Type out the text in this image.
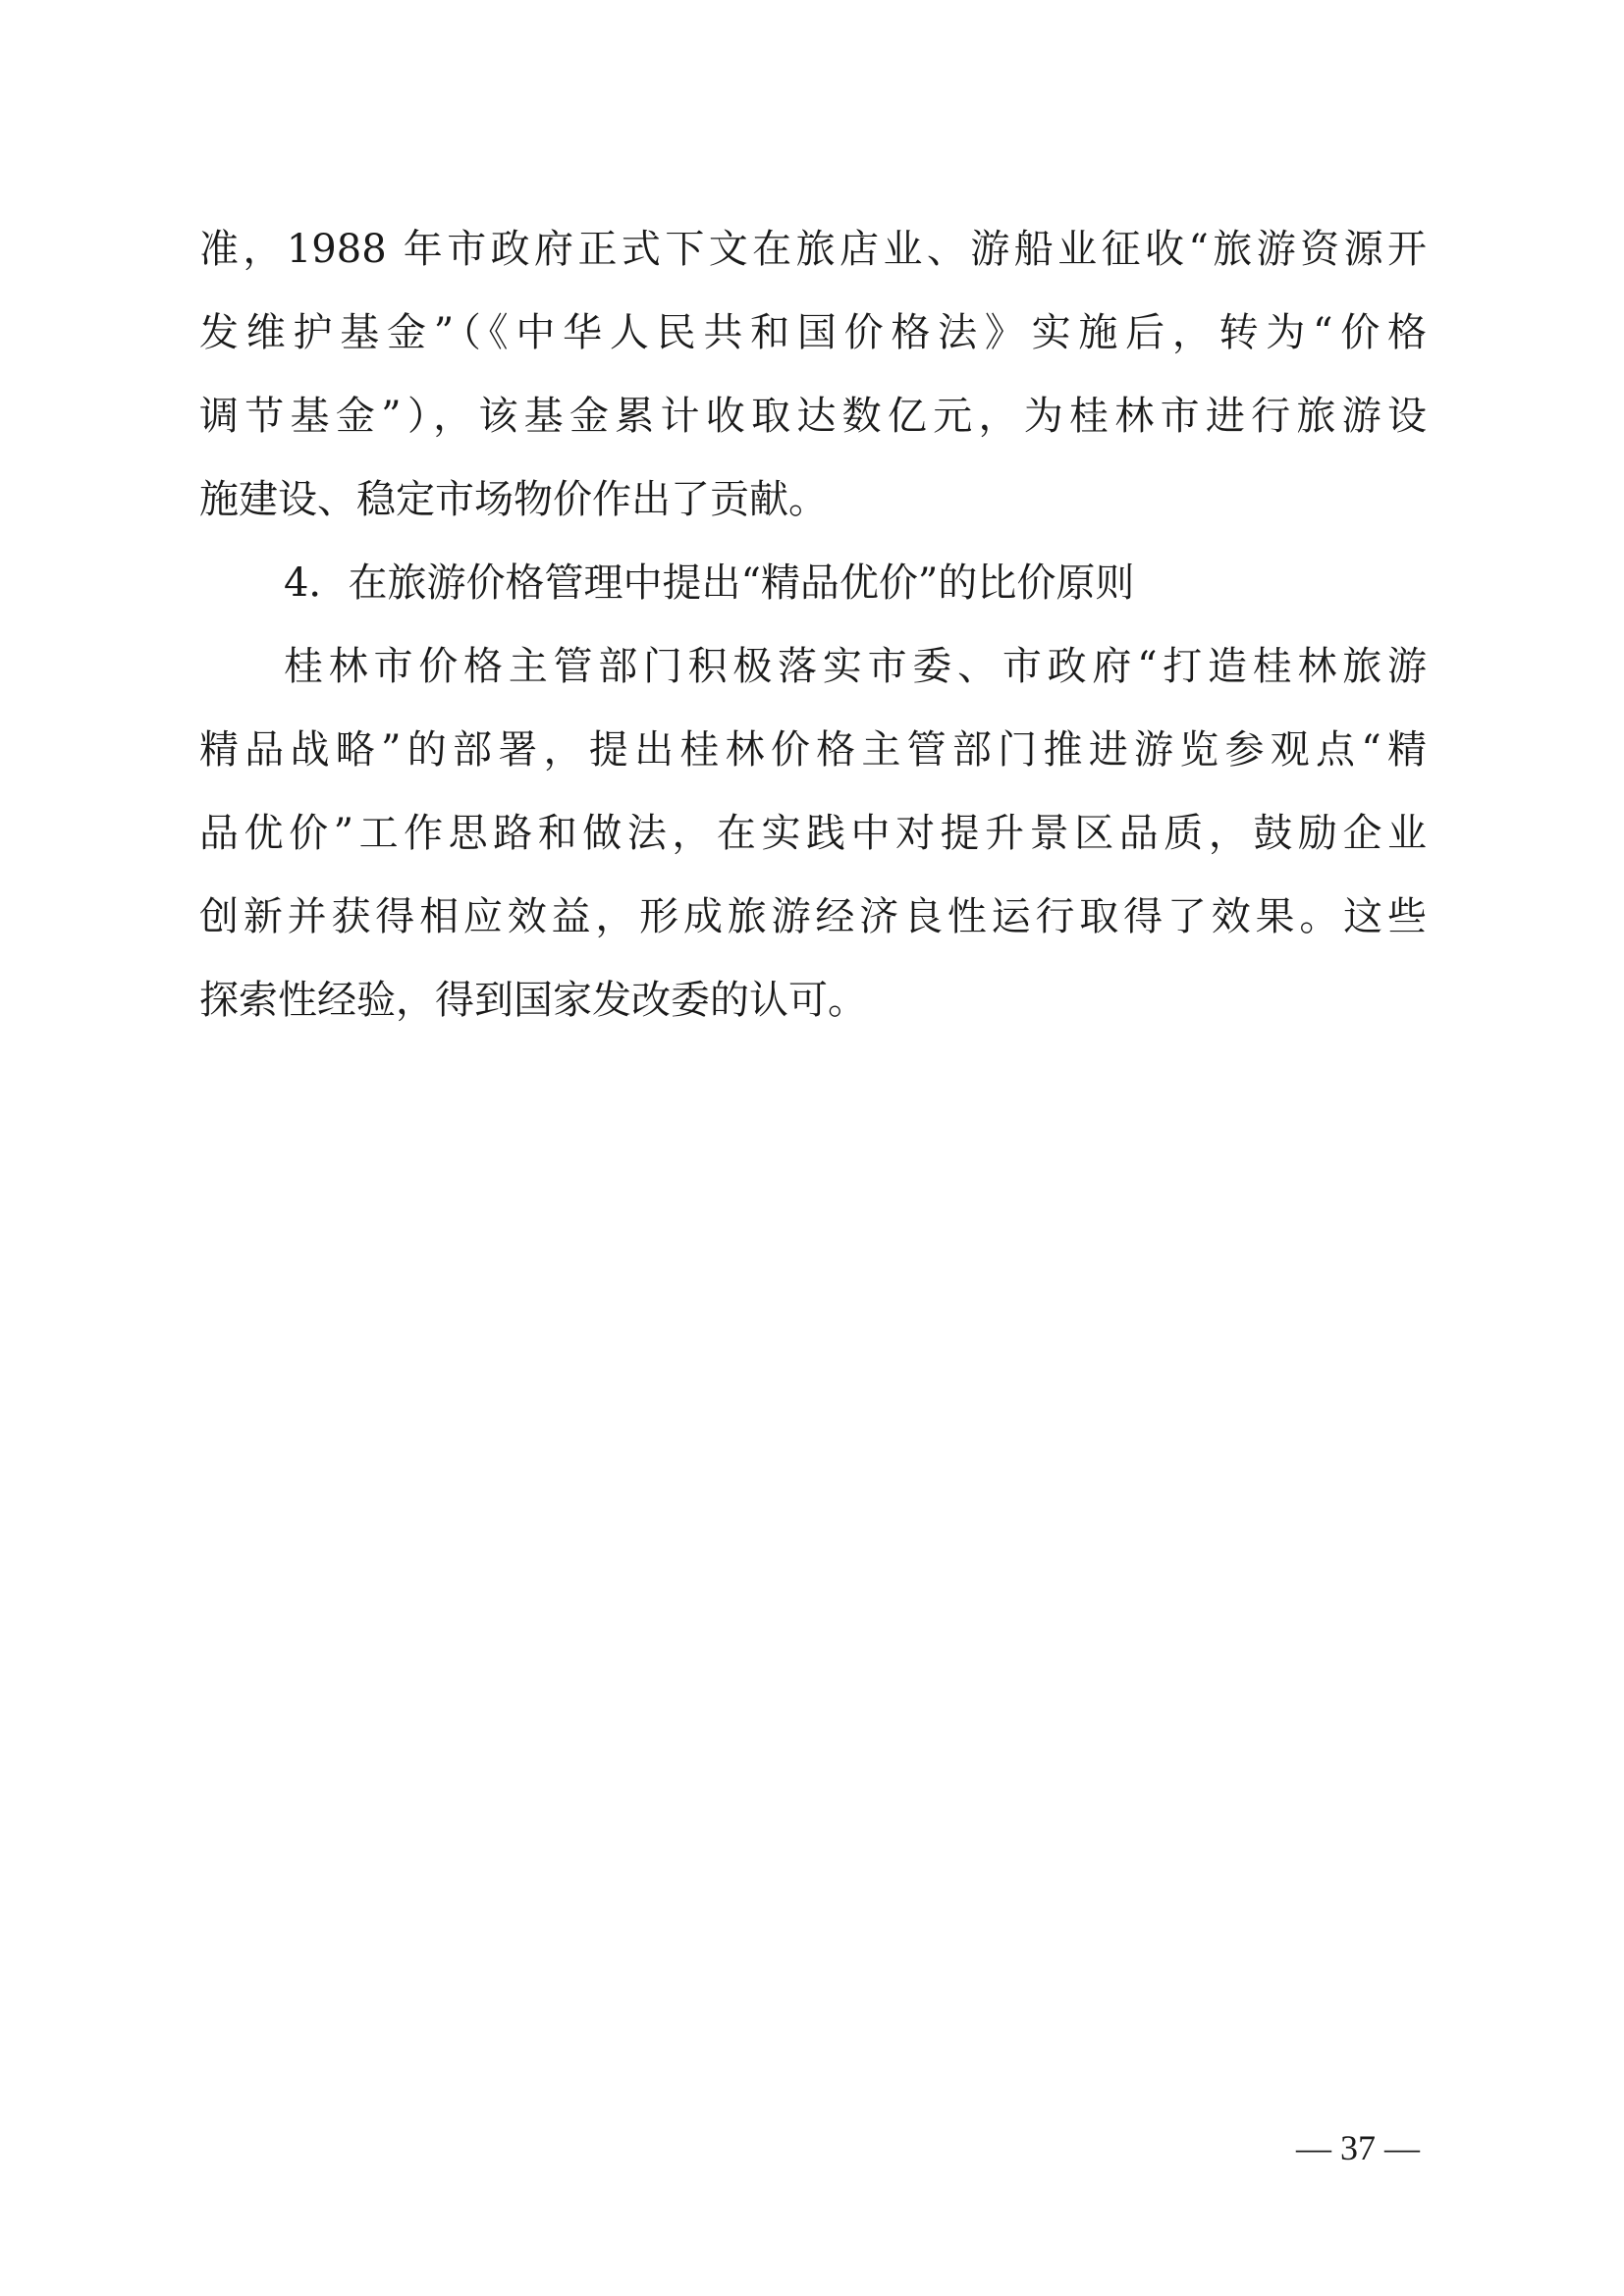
准，1988 年市政府正式下文在旅店业、游船业征收“旅游资源开
发维护基金”（《中华人民共和国价格法》实施后，转为“价格
调节基金”），该基金累计收取达数亿元，为桂林市进行旅游设
施建设、稳定市场物价作出了贡献。
4．在旅游价格管理中提出“精品优价”的比价原则
桂林市价格主管部门积极落实市委、市政府“打造桂林旅游
精品战略”的部署，提出桂林价格主管部门推进游览参观点“精
品优价”工作思路和做法，在实践中对提升景区品质，鼓励企业
创新并获得相应效益，形成旅游经济良性运行取得了效果。这些
探索性经验，得到国家发改委的认可。
— 37 —
